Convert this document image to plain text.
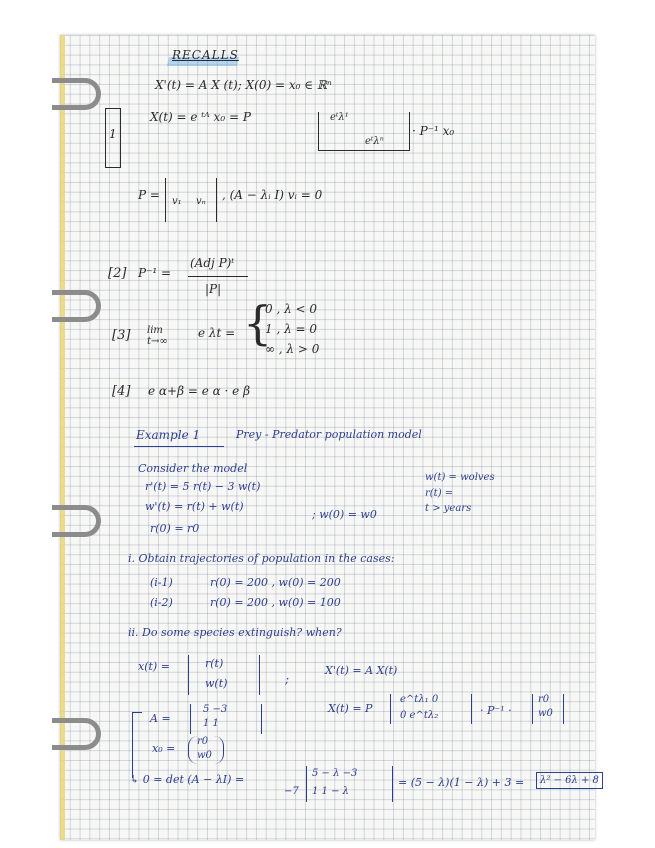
RECALLS
X'(t) = A X (t); X(0) = x₀ ∈ ℝⁿ
1
X(t) = e ᵗᴬ x₀ = P	eᵗλ¹
eᵗλⁿ
· P⁻¹ x₀
P = v₁ vₙ , (A − λᵢ I) vᵢ = 0
[2] P⁻¹ =
(Adj P)ᵗ
|P|
[3] lim t→∞
e λt = {
0 , λ < 0
1 , λ = 0
∞ , λ > 0
[4] e α+β = e α · e β
Example 1	Prey - Predator population model
Consider the model
r'(t) = 5 r(t) − 3 w(t)
w'(t) = r(t) + w(t)
r(0) = r0
; w(0) = w0
w(t) = wolves
r(t) =
t > years
i. Obtain trajectories of population in the cases:
(i-1)	r(0) = 200 , w(0) = 200
(i-2)	r(0) = 200 , w(0) = 100
ii. Do some species extinguish? when?
x(t) =	r(t)
w(t)	;
X'(t) = A X(t)
A =
5 −3
1 1
X(t) = P
e^tλ₁ 0
0 e^tλ₂	· P⁻¹ ·
r0
w0
x₀ =
r0
w0
↳ 0 = det (A − λI) =
−7
5 − λ −3
1 1 − λ
= (5 − λ)(1 − λ) + 3 =	λ² − 6λ + 8
